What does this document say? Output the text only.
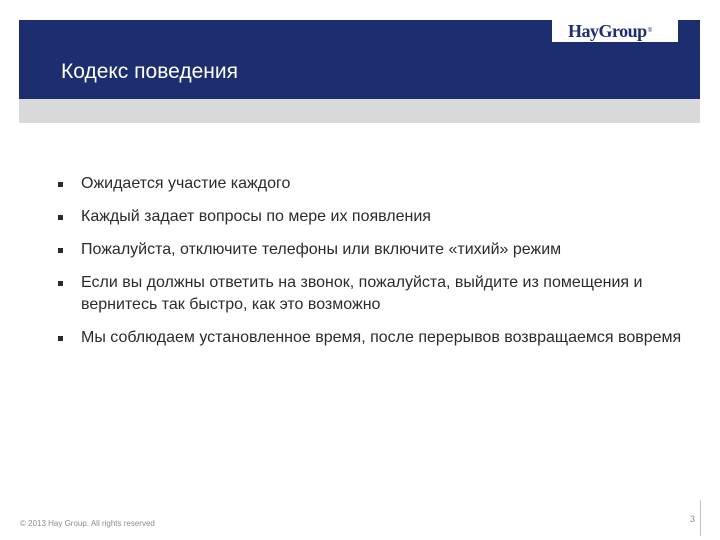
HayGroup ®
Кодекс поведения
Ожидается участие каждого
Каждый задает вопросы по мере их появления
Пожалуйста, отключите телефоны или включите «тихий» режим
Если вы должны ответить на звонок, пожалуйста, выйдите из помещения и вернитесь так быстро, как это возможно
Мы соблюдаем установленное время, после перерывов возвращаемся вовремя
© 2013 Hay Group. All rights reserved	3
